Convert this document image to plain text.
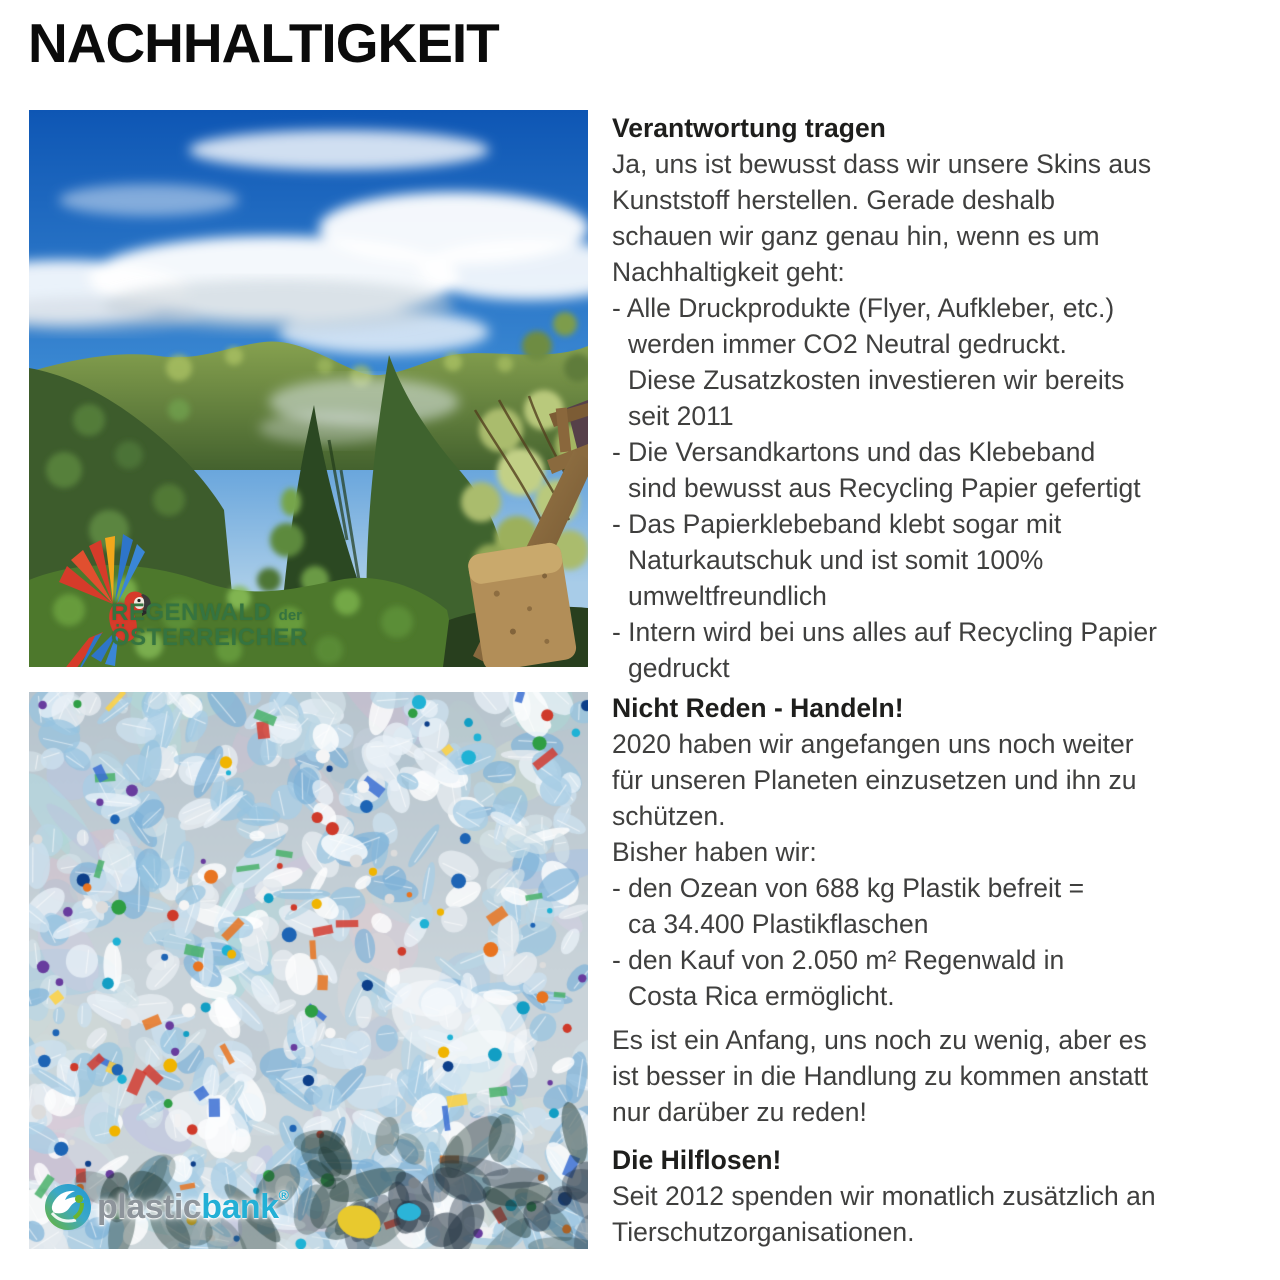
NACHHALTIGKEIT
REGENWALD der
ÖSTERREICHER
plasticbank®
Verantwortung tragen
Ja, uns ist bewusst dass wir unsere Skins aus
Kunststoff herstellen. Gerade deshalb
schauen wir ganz genau hin, wenn es um
Nachhaltigkeit geht:
- Alle Druckprodukte (Flyer, Aufkleber, etc.)
werden immer CO2 Neutral gedruckt.
Diese Zusatzkosten investieren wir bereits
seit 2011
- Die Versandkartons und das Klebeband
sind bewusst aus Recycling Papier gefertigt
- Das Papierklebeband klebt sogar mit
Naturkautschuk und ist somit 100%
umweltfreundlich
- Intern wird bei uns alles auf Recycling Papier
gedruckt
Nicht Reden - Handeln!
2020 haben wir angefangen uns noch weiter
für unseren Planeten einzusetzen und ihn zu
schützen.
Bisher haben wir:
- den Ozean von 688 kg Plastik befreit =
ca 34.400 Plastikflaschen
- den Kauf von 2.050 m² Regenwald in
Costa Rica ermöglicht.
Es ist ein Anfang, uns noch zu wenig, aber es
ist besser in die Handlung zu kommen anstatt
nur darüber zu reden!
Die Hilflosen!
Seit 2012 spenden wir monatlich zusätzlich an
Tierschutzorganisationen.
